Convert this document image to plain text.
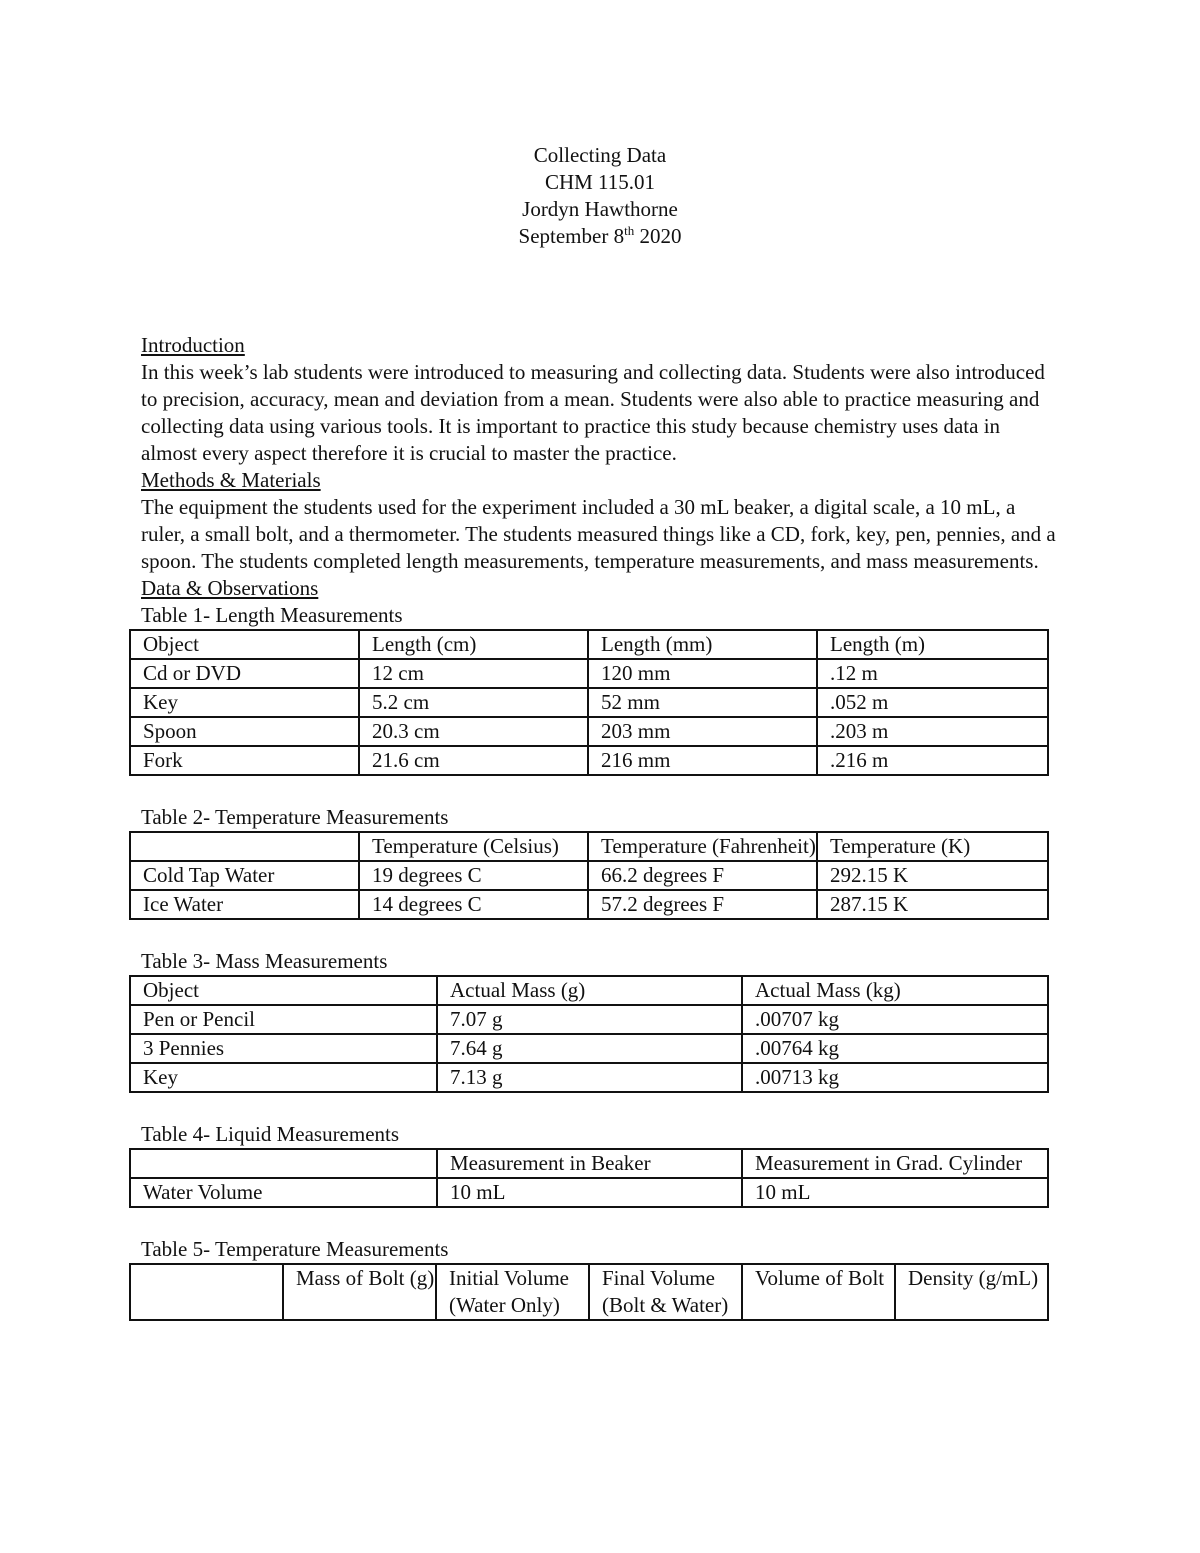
Collecting Data
CHM 115.01
Jordyn Hawthorne
September 8th 2020
Introduction
In this week’s lab students were introduced to measuring and collecting data. Students were also introduced to precision, accuracy, mean and deviation from a mean. Students were also able to practice measuring and collecting data using various tools. It is important to practice this study because chemistry uses data in almost every aspect therefore it is crucial to master the practice.
Methods & Materials
The equipment the students used for the experiment included a 30 mL beaker, a digital scale, a 10 mL, a ruler, a small bolt, and a thermometer. The students measured things like a CD, fork, key, pen, pennies, and a spoon. The students completed length measurements, temperature measurements, and mass measurements.
Data & Observations
Table 1- Length Measurements
Object	Length (cm)	Length (mm)	Length (m)
Cd or DVD	12 cm	120 mm	.12 m
Key	5.2 cm	52 mm	.052 m
Spoon	20.3 cm	203 mm	.203 m
Fork	21.6 cm	216 mm	.216 m
Table 2- Temperature Measurements
	Temperature (Celsius)	Temperature (Fahrenheit)	Temperature (K)
Cold Tap Water	19 degrees C	66.2 degrees F	292.15 K
Ice Water	14 degrees C	57.2 degrees F	287.15 K
Table 3- Mass Measurements
Object	Actual Mass (g)	Actual Mass (kg)
Pen or Pencil	7.07 g	.00707 kg
3 Pennies	7.64 g	.00764 kg
Key	7.13 g	.00713 kg
Table 4- Liquid Measurements
	Measurement in Beaker	Measurement in Grad. Cylinder
Water Volume	10 mL	10 mL
Table 5- Temperature Measurements
	Mass of Bolt (g)	Initial Volume (Water Only)	Final Volume (Bolt & Water)	Volume of Bolt	Density (g/mL)
